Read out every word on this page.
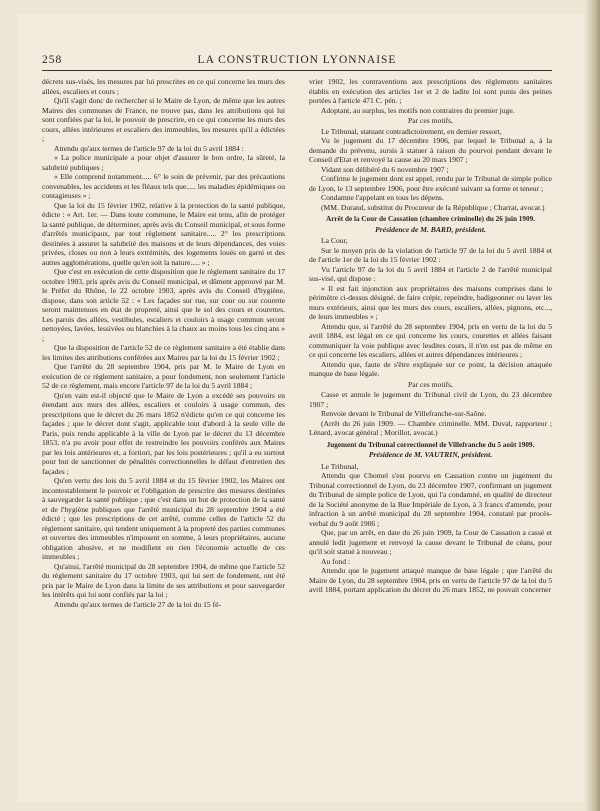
258	LA CONSTRUCTION LYONNAISE

décrets sus-visés, les mesures par lui prescrites en ce qui concerne les murs des allées, escaliers et cours ;

Qu'il s'agit donc de rechercher si le Maire de Lyon, de même que les autres Maires des communes de France, ne trouve pas, dans les attributions qui lui sont confiées par la loi, le pouvoir de prescrire, en ce qui concerne les murs des cours, allées intérieures et escaliers des immeubles, les mesures qu'il a édictées ;

Attendu qu'aux termes de l'article 97 de la loi du 5 avril 1884 :

« La police municipale a pour objet d'assurer le bon ordre, la sûreté, la salubrité publiques ;

« Elle comprend notamment..... 6° le soin de prévenir, par des précautions convenables, les accidents et les fléaux tels que..... les maladies épidémiques ou contagieuses » ;

Que la loi du 15 février 1902, relative à la protection de la santé publique, édicte : « Art. 1er. — Dans toute commune, le Maire est tenu, afin de protéger la santé publique, de déterminer, après avis du Conseil municipal, et sous forme d'arrêtés municipaux, par tout règlement sanitaire..... 2° les prescriptions destinées à assurer la salubrité des maisons et de leurs dépendances, des voies privées, closes ou non à leurs extrémités, des logements loués en garni et des autres agglomérations, quelle qu'en soit la nature..... » ;

Que c'est en exécution de cette disposition que le règlement sanitaire du 17 octobre 1903, pris après avis du Conseil municipal, et dûment approuvé par M. le Préfet du Rhône, le 22 octobre 1903, après avis du Conseil d'hygiène, dispose, dans son article 52 : « Les façades sur rue, sur cour ou sur courette seront maintenues en état de propreté, ainsi que le sol des cours et courettes. Les parois des allées, vestibules, escaliers et couloirs à usage commun seront nettoyées, lavées, lessivées ou blanchies à la chaux au moins tous les cinq ans » ;

Que la disposition de l'article 52 de ce règlement sanitaire a été établie dans les limites des attributions conférées aux Maires par la loi du 15 février 1902 ;

Que l'arrêté du 28 septembre 1904, pris par M. le Maire de Lyon en exécution de ce règlement sanitaire, a pour fondement, non seulement l'article 52 de ce règlement, mais encore l'article 97 de la loi du 5 avril 1884 ;

Qu'en vain est-il objecté que le Maire de Lyon a excédé ses pouvoirs en étendant aux murs des allées, escaliers et couloirs à usage commun, des prescriptions que le décret du 26 mars 1852 n'édicte qu'en ce qui concerne les façades ; que le décret dont s'agit, applicable tout d'abord à la seule ville de Paris, puis rendu applicable à la ville de Lyon par le décret du 13 décembre 1853, n'a pu avoir pour effet de restreindre les pouvoirs conférés aux Maires par les lois antérieures et, a fortiori, par les lois postérieures ; qu'il a eu surtout pour but de sanctionner de pénalités correctionnelles le défaut d'entretien des façades ;

Qu'en vertu des lois du 5 avril 1884 et du 15 février 1902, les Maires ont incontestablement le pouvoir et l'obligation de prescrire des mesures destinées à sauvegarder la santé publique ; que c'est dans un but de protection de la santé et de l'hygiène publiques que l'arrêté municipal du 28 septembre 1904 a été édicté ; que les prescriptions de cet arrêté, comme celles de l'article 52 du règlement sanitaire, qui tendent uniquement à la propreté des parties communes et ouvertes des immeubles n'imposent en somme, à leurs propriétaires, aucune obligation abusive, et ne modifient en rien l'économie actuelle de ces immeubles ;

Qu'ainsi, l'arrêté municipal du 28 septembre 1904, de même que l'article 52 du règlement sanitaire du 17 octobre 1903, qui lui sert de fondement, ont été pris par le Maire de Lyon dans la limite de ses attributions et pour sauvegarder les intérêts qui lui sont confiés par la loi ;

Attendu qu'aux termes de l'article 27 de la loi du 15 fé-

vrier 1902, les contraventions aux prescriptions des règlements sanitaires établis en exécution des articles 1er et 2 de ladite loi sont punis des peines portées à l'article 471 C. pén. ;

Adoptant, au surplus, les motifs non contraires du premier juge.

Par ces motifs,

Le Tribunal, statuant contradictoirement, en dernier ressort,

Vu le jugement du 17 décembre 1906, par lequel le Tribunal a, à la demande du prévenu, sursis à statuer à raison du pourvoi pendant devant le Conseil d'Etat et renvoyé la cause au 20 mars 1907 ;

Vidant son délibéré du 6 novembre 1907 ;

Confirme le jugement dont est appel, rendu par le Tribunal de simple police de Lyon, le 13 septembre 1906, pour être exécuté suivant sa forme et teneur ;

Condamne l'appelant en tous les dépens.

(MM. Durand, substitut du Procureur de la République ; Charrat, avocat.)

Arrêt de la Cour de Cassation (chambre criminelle) du 26 juin 1909.

Présidence de M. BARD, président.

La Cour,

Sur le moyen pris de la violation de l'article 97 de la loi du 5 avril 1884 et de l'article 1er de la loi du 15 février 1902 :

Vu l'article 97 de la loi du 5 avril 1884 et l'article 2 de l'arrêté municipal sus-visé, qui dispose :

« Il est fait injonction aux propriétaires des maisons comprises dans le périmètre ci-dessus désigné, de faire crépir, repeindre, badigeonner ou laver les murs extérieurs, ainsi que les murs des cours, escaliers, allées, pignons, etc..., de leurs immeubles » ;

Attendu que, si l'arrêté du 28 septembre 1904, pris en vertu de la loi du 5 avril 1884, est légal en ce qui concerne les cours, courettes et allées faisant communiquer la voie publique avec lesdites cours, il n'en est pas de même en ce qui concerne les escaliers, allées et autres dépendances intérieures ;

Attendu que, faute de s'être expliquée sur ce point, la décision attaquée manque de base légale.

Par ces motifs,

Casse et annule le jugement du Tribunal civil de Lyon, du 23 décembre 1907 ;

Renvoie devant le Tribunal de Villefranche-sur-Saône.

(Arrêt du 26 juin 1909. — Chambre criminelle. MM. Duval, rapporteur ; Lénard, avocat général ; Morillot, avocat.)

Jugement du Tribunal correctionnel de Villefranche du 5 août 1909.

Présidence de M. VAUTRIN, président.

Le Tribunal,

Attendu que Chomel s'est pourvu en Cassation contre un jugement du Tribunal correctionnel de Lyon, du 23 décembre 1907, confirmant un jugement du Tribunal de simple police de Lyon, qui l'a condamné, en qualité de directeur de la Société anonyme de la Rue Impériale de Lyon, à 3 francs d'amende, pour infraction à un arrêté municipal du 28 septembre 1904, constaté par procès-verbal du 9 août 1906 ;

Que, par un arrêt, en date du 26 juin 1909, la Cour de Cassation a cassé et annulé ledit jugement et renvoyé la cause devant le Tribunal de céans, pour qu'il soit statué à nouveau ;

Au fond :

Attendu que le jugement attaqué manque de base légale ; que l'arrêté du Maire de Lyon, du 28 septembre 1904, pris en vertu de l'article 97 de la loi du 5 avril 1884, portant application du décret du 26 mars 1852, ne pouvait concerner
